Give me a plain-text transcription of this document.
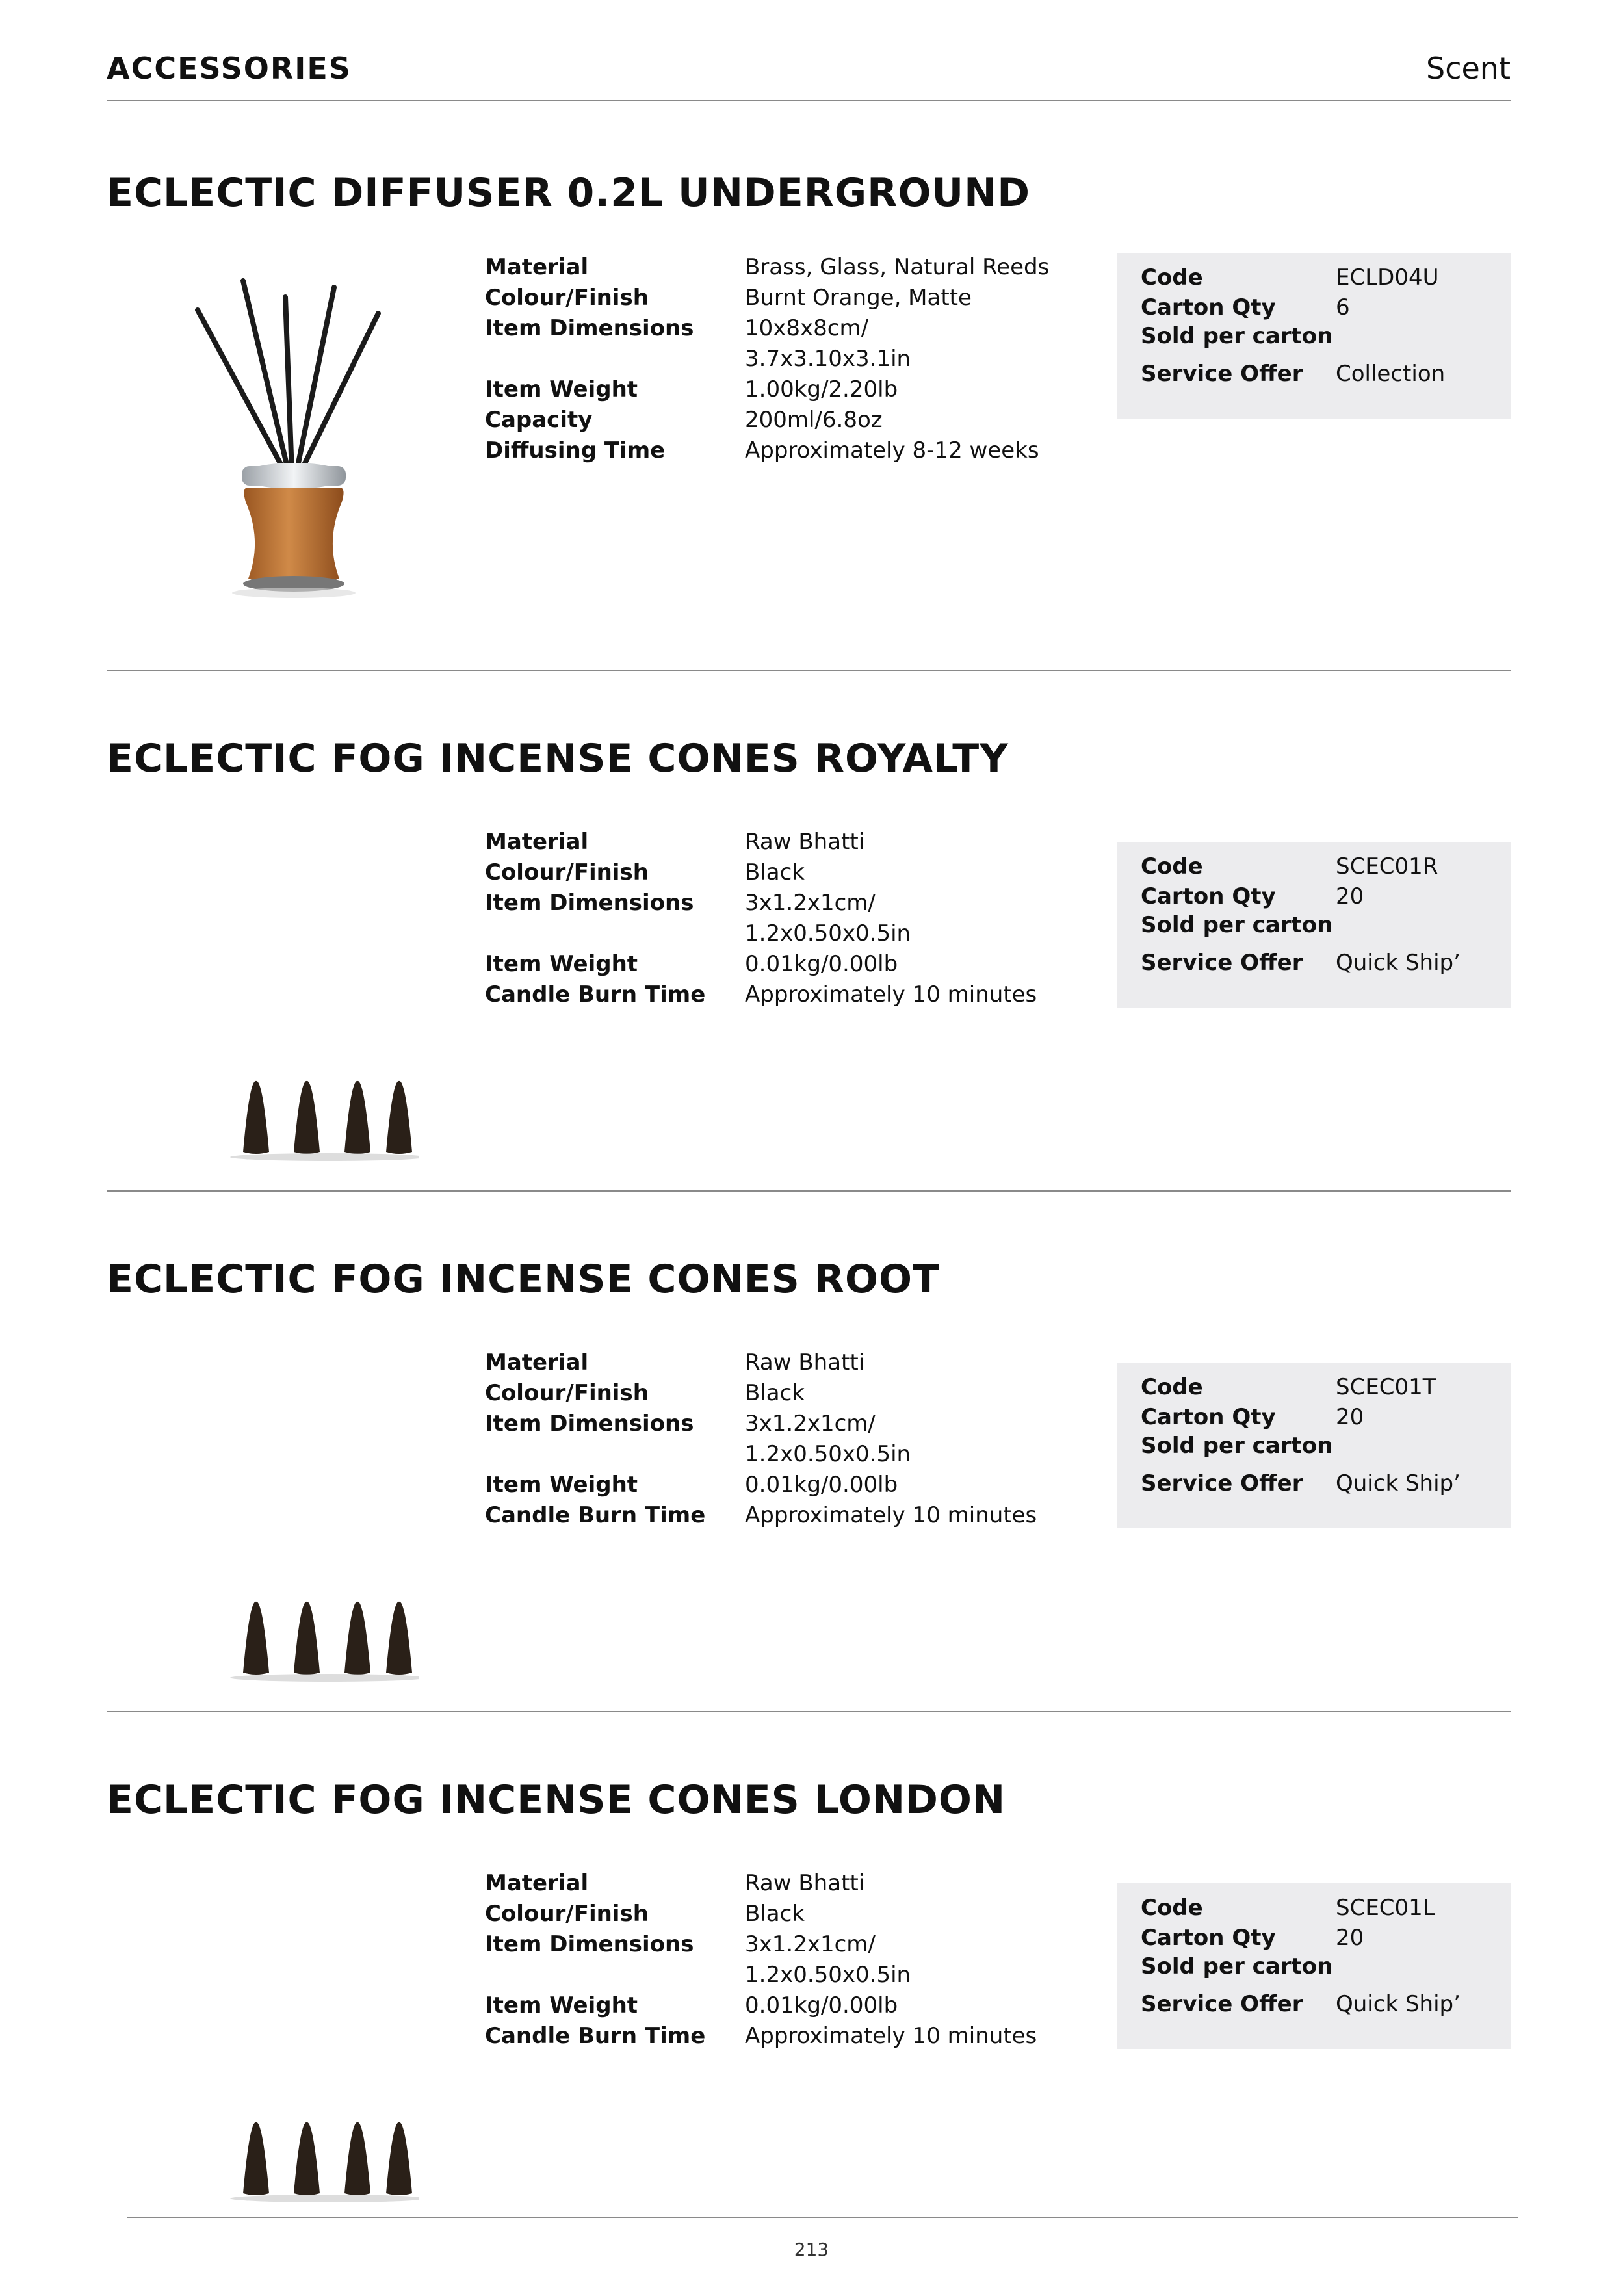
ACCESSORIES	Scent
ECLECTIC DIFFUSER 0.2L UNDERGROUND
Material	Brass, Glass, Natural Reeds
Colour/Finish	Burnt Orange, Matte
Item Dimensions	10x8x8cm/
3.7x3.10x3.1in
Item Weight	1.00kg/2.20lb
Capacity	200ml/6.8oz
Diffusing Time	Approximately 8-12 weeks
Code	ECLD04U
Carton Qty	6
Sold per carton
Service Offer	Collection
ECLECTIC FOG INCENSE CONES ROYALTY
Material	Raw Bhatti
Colour/Finish	Black
Item Dimensions	3x1.2x1cm/
1.2x0.50x0.5in
Item Weight	0.01kg/0.00lb
Candle Burn Time	Approximately 10 minutes
Code	SCEC01R
Carton Qty	20
Sold per carton
Service Offer	Quick Ship’
ECLECTIC FOG INCENSE CONES ROOT
Material	Raw Bhatti
Colour/Finish	Black
Item Dimensions	3x1.2x1cm/
1.2x0.50x0.5in
Item Weight	0.01kg/0.00lb
Candle Burn Time	Approximately 10 minutes
Code	SCEC01T
Carton Qty	20
Sold per carton
Service Offer	Quick Ship’
ECLECTIC FOG INCENSE CONES LONDON
Material	Raw Bhatti
Colour/Finish	Black
Item Dimensions	3x1.2x1cm/
1.2x0.50x0.5in
Item Weight	0.01kg/0.00lb
Candle Burn Time	Approximately 10 minutes
Code	SCEC01L
Carton Qty	20
Sold per carton
Service Offer	Quick Ship’
213
